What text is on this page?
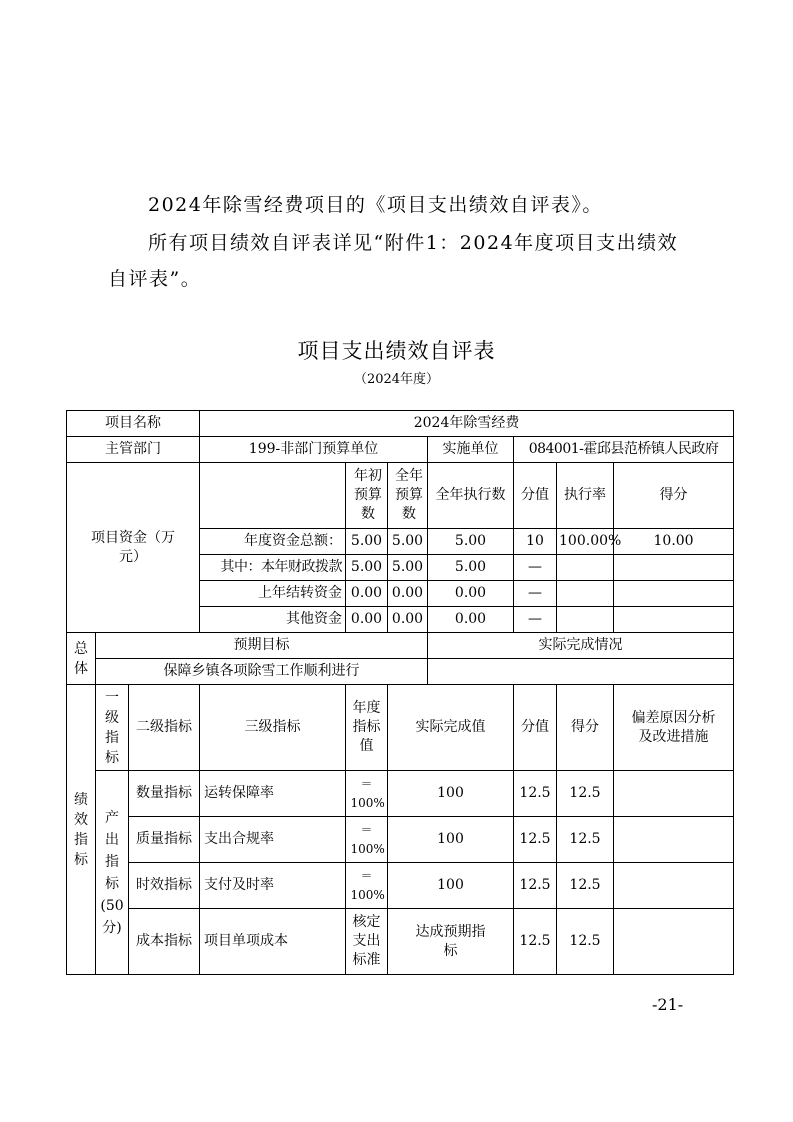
2024年除雪经费项目的《项目支出绩效自评表》。
所有项目绩效自评表详见“附件1：2024年度项目支出绩效
自评表”。
项目支出绩效自评表
（2024年度）
项目名称			2024年除雪经费						
主管部门			199-非部门预算单位			实施单位	084001-霍邱县范桥镇人民政府		

项目资金（万元）				年初预算数	全年预算数	全年执行数	分值	执行率	得分
			年度资金总额：	5.00	5.00	5.00	10	100.00%	10.00
			其中：本年财政拨款	5.00	5.00	5.00	—		
			上年结转资金	0.00	0.00	0.00	—		
			其他资金	0.00	0.00	0.00	—		

总体	预期目标					实际完成情况			
	保障乡镇各项除雪工作顺利进行								

绩效指标	一级指标	二级指标	三级指标	年度指标值	实际完成值		分值	得分	偏差原因分析及改进措施

	产出指标(50分)	数量指标	运转保障率	＝100%	100		12.5	12.5	
		质量指标	支出合规率	＝100%	100		12.5	12.5	
		时效指标	支付及时率	＝100%	100		12.5	12.5	
		成本指标	项目单项成本	核定支出标准	达成预期指标		12.5	12.5	
-21-
